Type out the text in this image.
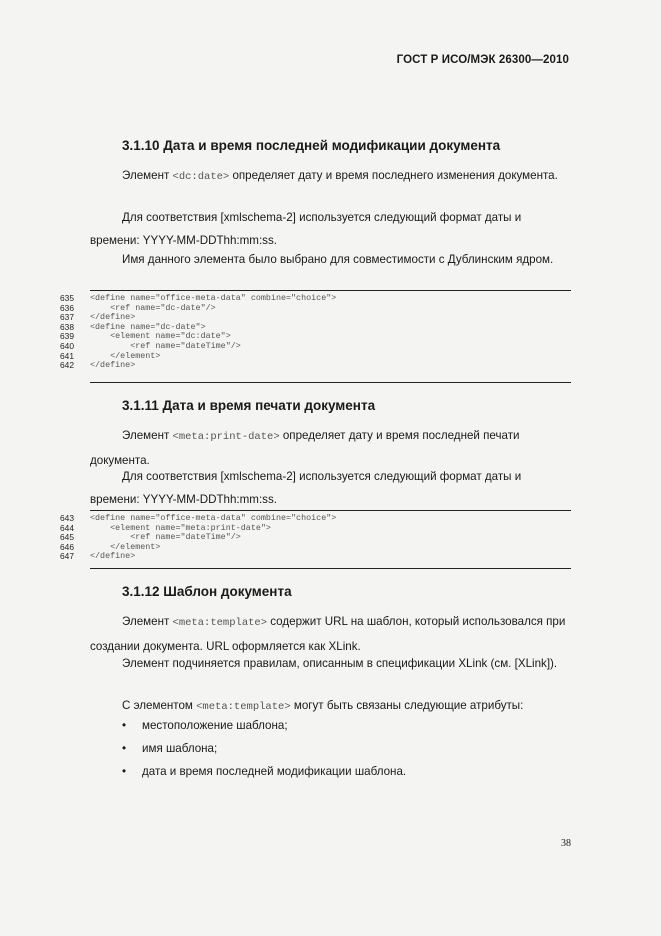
ГОСТ Р ИСО/МЭК 26300—2010
3.1.10 Дата и время последней модификации документа

Элемент <dc:date> определяет дату и время последнего изменения документа.

Для соответствия [xmlschema-2] используется следующий формат даты и времени: YYYY-MM-DDThh:mm:ss.

Имя данного элемента было выбрано для совместимости с Дублинским ядром.

635	<define name="office-meta-data" combine="choice">
636	<ref name="dc-date"/>
637	</define>
638	<define name="dc-date">
639	<element name="dc:date">
640	<ref name="dateTime"/>
641	</element>
642	</define>
3.1.11 Дата и время печати документа

Элемент <meta:print-date> определяет дату и время последней печати документа.

Для соответствия [xmlschema-2] используется следующий формат даты и времени: YYYY-MM-DDThh:mm:ss.

643	<define name="office-meta-data" combine="choice">
644	<element name="meta:print-date">
645	<ref name="dateTime"/>
646	</element>
647	</define>
3.1.12 Шаблон документа

Элемент <meta:template> содержит URL на шаблон, который использовался при создании документа. URL оформляется как XLink.

Элемент подчиняется правилам, описанным в спецификации XLink (см. [XLink]).

С элементом <meta:template> могут быть связаны следующие атрибуты:

•	местоположение шаблона;
•	имя шаблона;
•	дата и время последней модификации шаблона.
38
